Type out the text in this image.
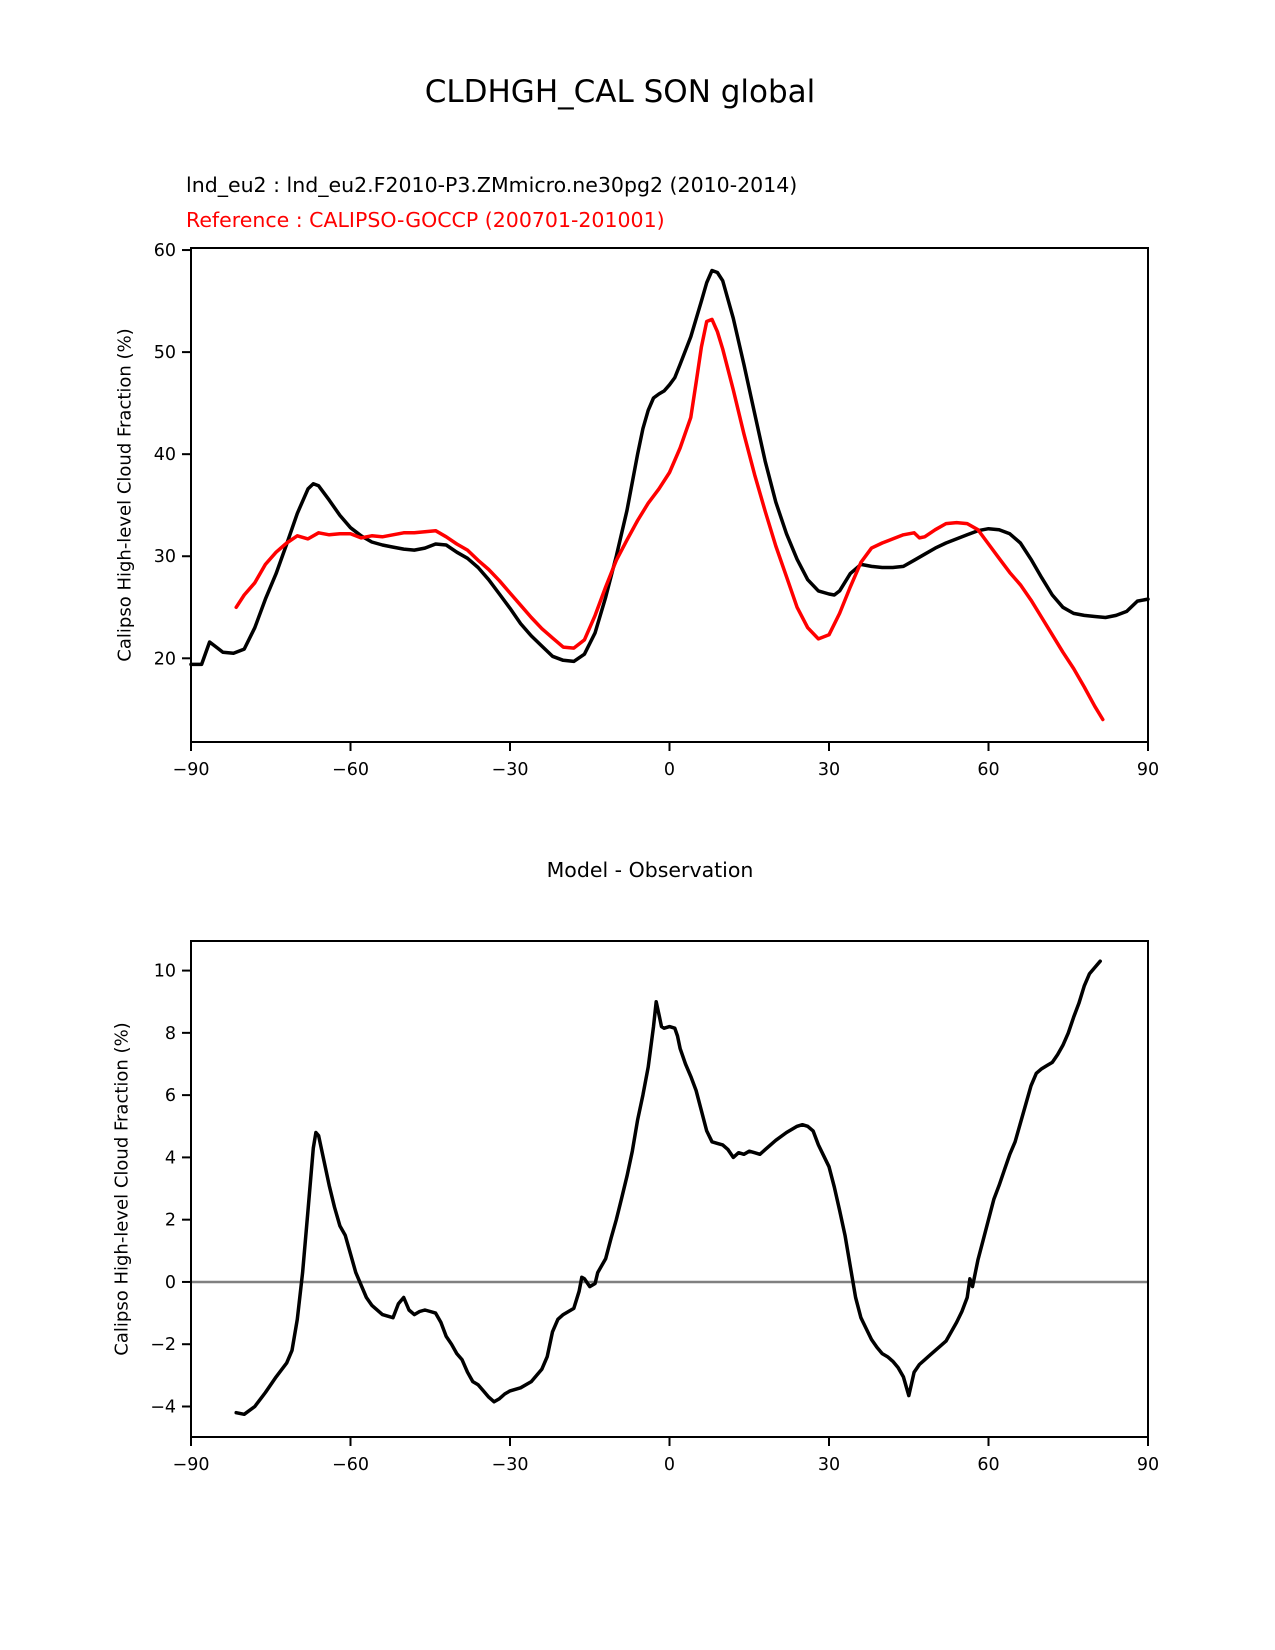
CLDHGH_CAL SON global
lnd_eu2 : lnd_eu2.F2010-P3.ZMmicro.ne30pg2 (2010-2014)
Reference : CALIPSO-GOCCP (200701-201001)
Calipso High-level Cloud Fraction (%)
Calipso High-level Cloud Fraction (%)
Model - Observation
−90	−60	−30	0	30	60	90
20
30
40
50
60
−90	−60	−30	0	30	60	90
−4
−2
0
2
4
6
8
10
